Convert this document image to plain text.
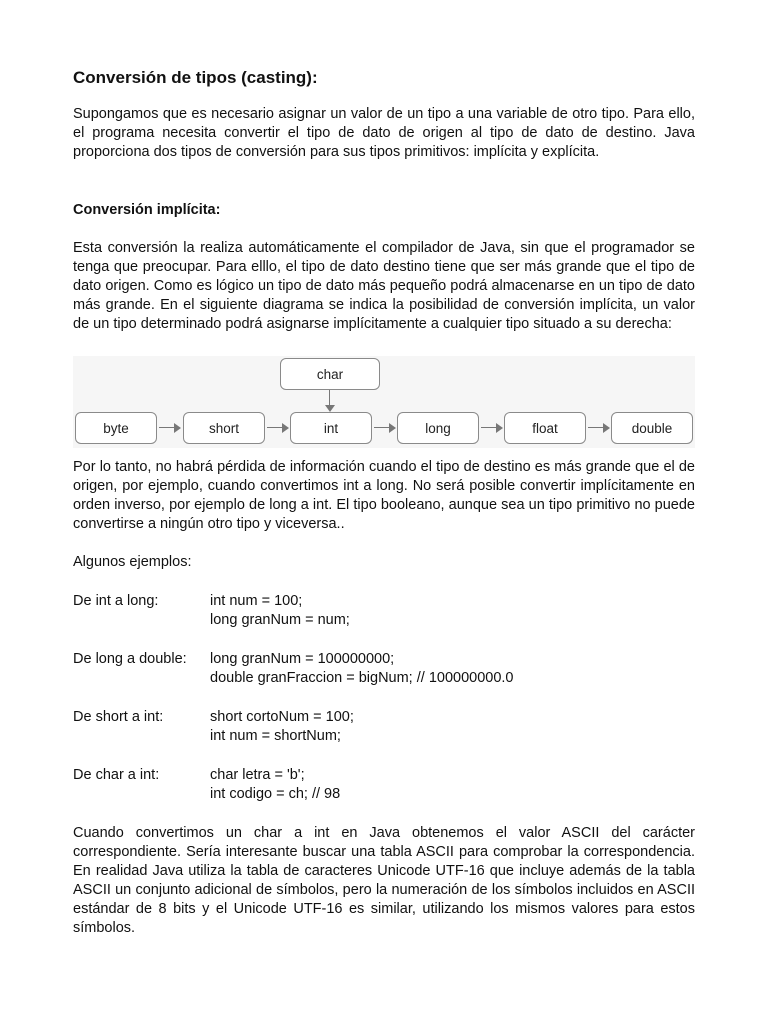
Conversión de tipos (casting):

Supongamos que es necesario asignar un valor de un tipo a una variable de otro tipo. Para ello, el programa necesita convertir el tipo de dato de origen al tipo de dato de destino. Java proporciona dos tipos de conversión para sus tipos primitivos: implícita y explícita.

Conversión implícita:

Esta conversión la realiza automáticamente el compilador de Java, sin que el programador se tenga que preocupar. Para elllo, el tipo de dato destino tiene que ser más grande que el tipo de dato origen. Como es lógico un tipo de dato más pequeño podrá almacenarse en un tipo de dato más grande. En el siguiente diagrama se indica la posibilidad de conversión implícita, un valor de un tipo determinado podrá asignarse implícitamente a cualquier tipo situado a su derecha:

char
byte	short	int	long	float	double

Por lo tanto, no habrá pérdida de información cuando el tipo de destino es más grande que el de origen, por ejemplo, cuando convertimos int a long. No será posible convertir implícitamente en orden inverso, por ejemplo de long a int. El tipo booleano, aunque sea un tipo primitivo no puede convertirse a ningún otro tipo y viceversa..

Algunos ejemplos:

De int a long:	int num = 100;
long granNum = num;
De long a double: long granNum = 100000000;
double granFraccion = bigNum; // 100000000.0
De short a int:	short cortoNum = 100;
int num = shortNum;
De char a int:	char letra = 'b';
int codigo = ch; // 98

Cuando convertimos un char a int en Java obtenemos el valor ASCII del carácter correspondiente. Sería interesante buscar una tabla ASCII para comprobar la correspondencia. En realidad Java utiliza la tabla de caracteres Unicode UTF-16 que incluye además de la tabla ASCII un conjunto adicional de símbolos, pero la numeración de los símbolos incluidos en ASCII estándar de 8 bits y el Unicode UTF-16 es similar, utilizando los mismos valores para estos símbolos.
